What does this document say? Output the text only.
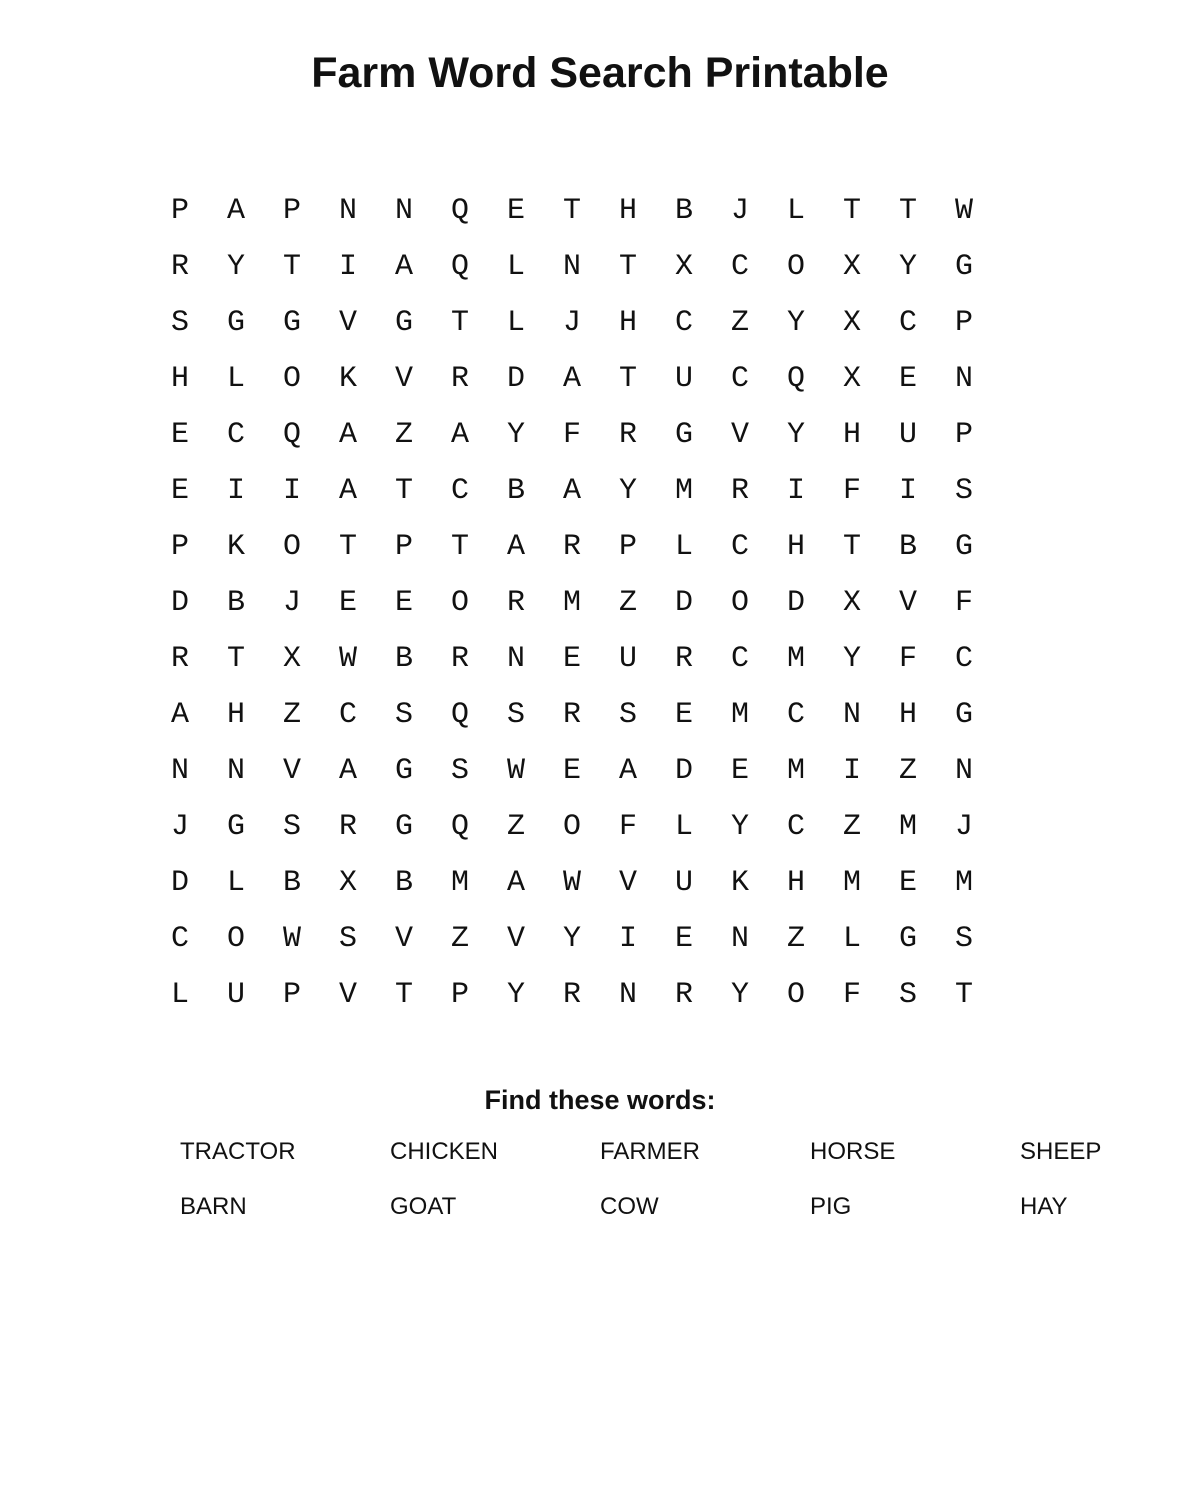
Farm Word Search Printable
P	A	P	N	N	Q	E	T	H	B	J	L	T	T	W
R	Y	T	I	A	Q	L	N	T	X	C	O	X	Y	G
S	G	G	V	G	T	L	J	H	C	Z	Y	X	C	P
H	L	O	K	V	R	D	A	T	U	C	Q	X	E	N
E	C	Q	A	Z	A	Y	F	R	G	V	Y	H	U	P
E	I	I	A	T	C	B	A	Y	M	R	I	F	I	S
P	K	O	T	P	T	A	R	P	L	C	H	T	B	G
D	B	J	E	E	O	R	M	Z	D	O	D	X	V	F
R	T	X	W	B	R	N	E	U	R	C	M	Y	F	C
A	H	Z	C	S	Q	S	R	S	E	M	C	N	H	G
N	N	V	A	G	S	W	E	A	D	E	M	I	Z	N
J	G	S	R	G	Q	Z	O	F	L	Y	C	Z	M	J
D	L	B	X	B	M	A	W	V	U	K	H	M	E	M
C	O	W	S	V	Z	V	Y	I	E	N	Z	L	G	S
L	U	P	V	T	P	Y	R	N	R	Y	O	F	S	T
Find these words:
TRACTOR	CHICKEN	FARMER	HORSE	SHEEP
BARN	GOAT	COW	PIG	HAY
